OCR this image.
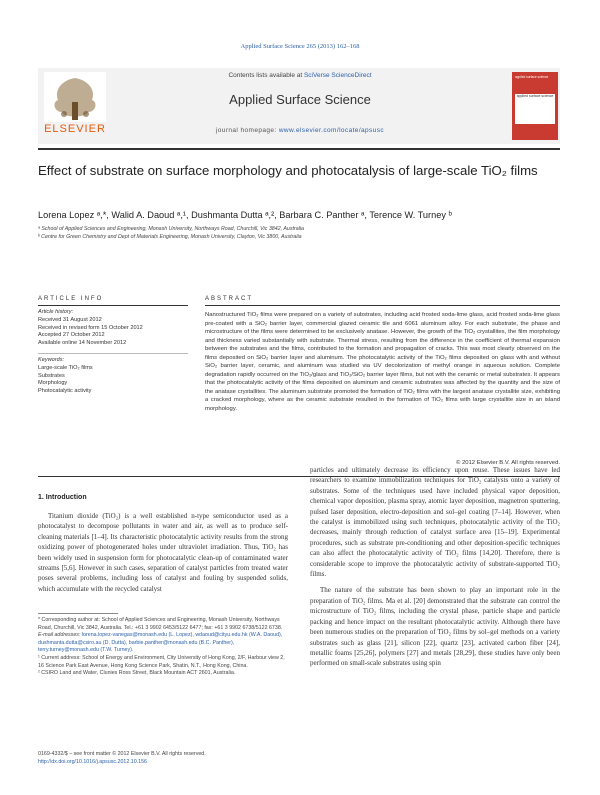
Applied Surface Science 265 (2013) 162–168
ELSEVIER
Contents lists available at SciVerse ScienceDirect
Applied Surface Science
journal homepage: www.elsevier.com/locate/apsusc
applied surface science
applied surface science
Effect of substrate on surface morphology and photocatalysis of large-scale TiO₂ films
Lorena Lopez ᵃ,*, Walid A. Daoud ᵃ,¹, Dushmanta Dutta ᵃ,², Barbara C. Panther ᵃ, Terence W. Turney ᵇ
ᵃ School of Applied Sciences and Engineering, Monash University, Northways Road, Churchill, Vic 3842, Australia
ᵇ Centre for Green Chemistry and Dept of Materials Engineering, Monash University, Clayton, Vic 3800, Australia
ARTICLE INFO
Article history:
Received 31 August 2012
Received in revised form 15 October 2012
Accepted 27 October 2012
Available online 14 November 2012
Keywords:
Large-scale TiO₂ films
Substrates
Morphology
Photocatalytic activity
ABSTRACT
Nanostructured TiO₂ films were prepared on a variety of substrates, including acid frosted soda-lime glass, acid frosted soda-lime glass pre-coated with a SiO₂ barrier layer, commercial glazed ceramic tile and 6061 aluminum alloy. For each substrate, the phase and microstructure of the films were determined to be exclusively anatase. However, the growth of the TiO₂ crystallites, the film morphology and thickness varied substantially with substrate. Thermal stress, resulting from the difference in the coefficient of thermal expansion between the substrates and the films, contributed to the formation and propagation of cracks. This was most clearly observed on the films deposited on SiO₂ barrier layer and aluminum. The photocatalytic activity of the TiO₂ films deposited on glass with and without SiO₂ barrier layer, ceramic, and aluminum was studied via UV decolorization of methyl orange in aqueous solution. Complete degradation rapidly occurred on the TiO₂/glass and TiO₂/SiO₂ barrier layer films, but not with the ceramic or metal substrates. It appears that the photocatalytic activity of the films deposited on aluminum and ceramic substrates was affected by the quantity and the size of the anatase crystallites. The aluminum substrate promoted the formation of TiO₂ films with the largest anatase crystallite size, exhibiting a cracked morphology, where as the ceramic substrate resulted in the formation of TiO₂ films with large crystallite size in an island morphology.
© 2012 Elsevier B.V. All rights reserved.
1. Introduction

Titanium dioxide (TiO₂) is a well established n-type semiconductor used as a photocatalyst to decompose pollutants in water and air, as well as to produce self-cleaning materials [1–4]. Its characteristic photocatalytic activity results from the strong oxidizing power of photogenerated holes under ultraviolet irradiation. Thus, TiO₂ has been widely used in suspension form for photocatalytic clean-up of contaminated water streams [5,6]. However in such cases, separation of catalyst particles from treated water poses several problems, including loss of catalyst and fouling by suspended solids, which accumulate with the recycled catalyst

particles and ultimately decrease its efficiency upon reuse. These issues have led researchers to examine immobilization techniques for TiO₂ catalysts onto a variety of substrates. Some of the techniques used have included physical vapor deposition, chemical vapor deposition, plasma spray, atomic layer deposition, magnetron sputtering, pulsed laser deposition, electro-deposition and sol–gel coating [7–14]. However, when the catalyst is immobilized using such techniques, photocatalytic activity of the TiO₂ decreases, mainly through reduction of catalyst surface area [15–19]. Experimental procedures, such as substrate pre-conditioning and other deposition-specific techniques can also affect the photocatalytic activity of TiO₂ films [14,20]. Therefore, there is considerable scope to improve the photocatalytic activity of substrate-supported TiO₂ films.

The nature of the substrate has been shown to play an important role in the preparation of TiO₂ films. Ma et al. [20] demonstrated that the substrate can control the microstructure of TiO₂ films, including the crystal phase, particle shape and particle packing and hence impact on the resultant photocatalytic activity. Although there have been numerous studies on the preparation of TiO₂ films by sol–gel methods on a variety substrates such as glass [21], silicon [22], quartz [23], activated carbon fiber [24], metallic foams [25,26], polymers [27] and metals [28,29], these studies have only been performed on small-scale substrates using spin

* Corresponding author at: School of Applied Sciences and Engineering, Monash University, Northways Road, Churchill, Vic 3842, Australia. Tel.: +61 3 9902 6453/5122 6477; fax: +61 3 9902 6738/5122 6738.
E-mail addresses: lorena.lopez-vanegas@monash.edu (L. Lopez), wdaoud@cityu.edu.hk (W.A. Daoud), dushmanta.dutta@csiro.au (D. Dutta), barbie.panther@monash.edu (B.C. Panther), terry.turney@monash.edu (T.W. Turney).
¹ Current address: School of Energy and Environment, City University of Hong Kong, 2/F, Harbour view 2, 16 Science Park East Avenue, Hong Kong Science Park, Shatin, N.T., Hong Kong, China.
² CSIRO Land and Water, Clunies Ross Street, Black Mountain ACT 2601, Australia.
0169-4332/$ – see front matter © 2012 Elsevier B.V. All rights reserved.
http://dx.doi.org/10.1016/j.apsusc.2012.10.156
